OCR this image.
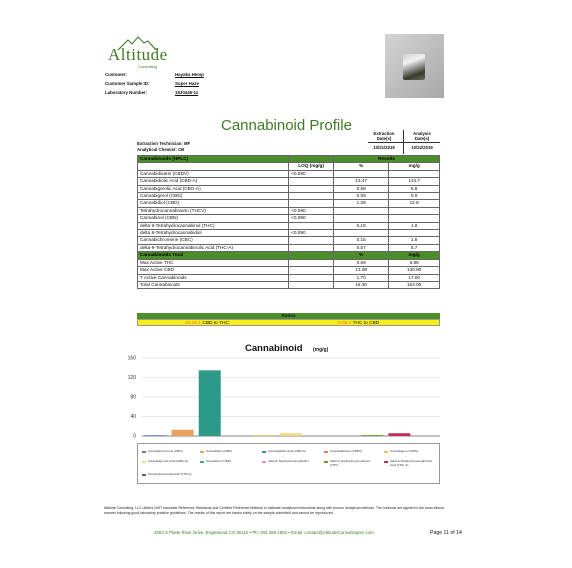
Altitude
Consulting
Customer:	Hayaka Hemp
Customer Sample ID:	Super Haze
Laboratory Number:	19J0445-11
Cannabinoid Profile
Extraction Technician: MF
Analytical Chemist: CB
Extraction
Date(s)
Analysis
Date(s)
10/21/2019	10/22/2019
Cannabinoids (HPLC)		Results	
	LOQ (mg/g)	%	mg/g
Cannabidivarin (CBDV)	<0.090		
Cannabidiolic Acid (CBD-A)		13.47	134.7
Cannabigerolic Acid (CBG-A)		0.58	5.8
Cannabigerol (CBG)		0.09	0.9
Cannabidiol (CBD)		1.28	12.8
Tetrahydrocannabivarin (THCV)	<0.090		
Cannabinol (CBN)	<0.090		
delta 9-Tetrahydrocannabinol (THC)		0.19	1.9
delta 8-Tetrahydrocannabidiol	<0.090		
Cannabichromene (CBC)		0.15	1.5
delta-9-Tetrahydrocannabinolic Acid (THC-A)		0.57	5.7
Cannabinoids Total		%	mg/g
Max Active THC		0.69	6.88
Max Active CBD		13.08	130.80
T Active Cannabinoids		1.70	17.00
Total Cannabinoids		16.30	163.00
Ratios
19.46:1 CBD to THC	0.05:1 THC to CBD
Cannabinoid (mg/g)
0
40
80
120
160
Cannabichromene (CBC)	Cannabidiol (CBD)	Cannabidiolic Acid (CBD-A)	Cannabidivarin (CBDV)	Cannabigerol (CBG)
Cannabigerolic Acid (CBG-A)	Cannabinol (CBN)	delta 8-Tetrahydrocannabidiol	delta 9-Tetrahydrocannabinol (THC)
delta-9-Tetrahydrocannabinolic Acid (THC-A)
Tetrahydrocannabivarin (THCV)
Altitude Consulting, LLC utilizes NIST traceable Reference Standards and Certified Reference Material to calibrate analytical instruments along with proven analytical methods. The methods are applied in the most ethical manner following good laboratory practice guidelines. The results of this report are based solely on the sample submitted and cannot be reproduced.
3263 S Platte River Drive, Englewood CO 80110 • Ph: 303.396.1662 • Email: contact@AltitudeConsultingInc.com	Page 11 of 14
